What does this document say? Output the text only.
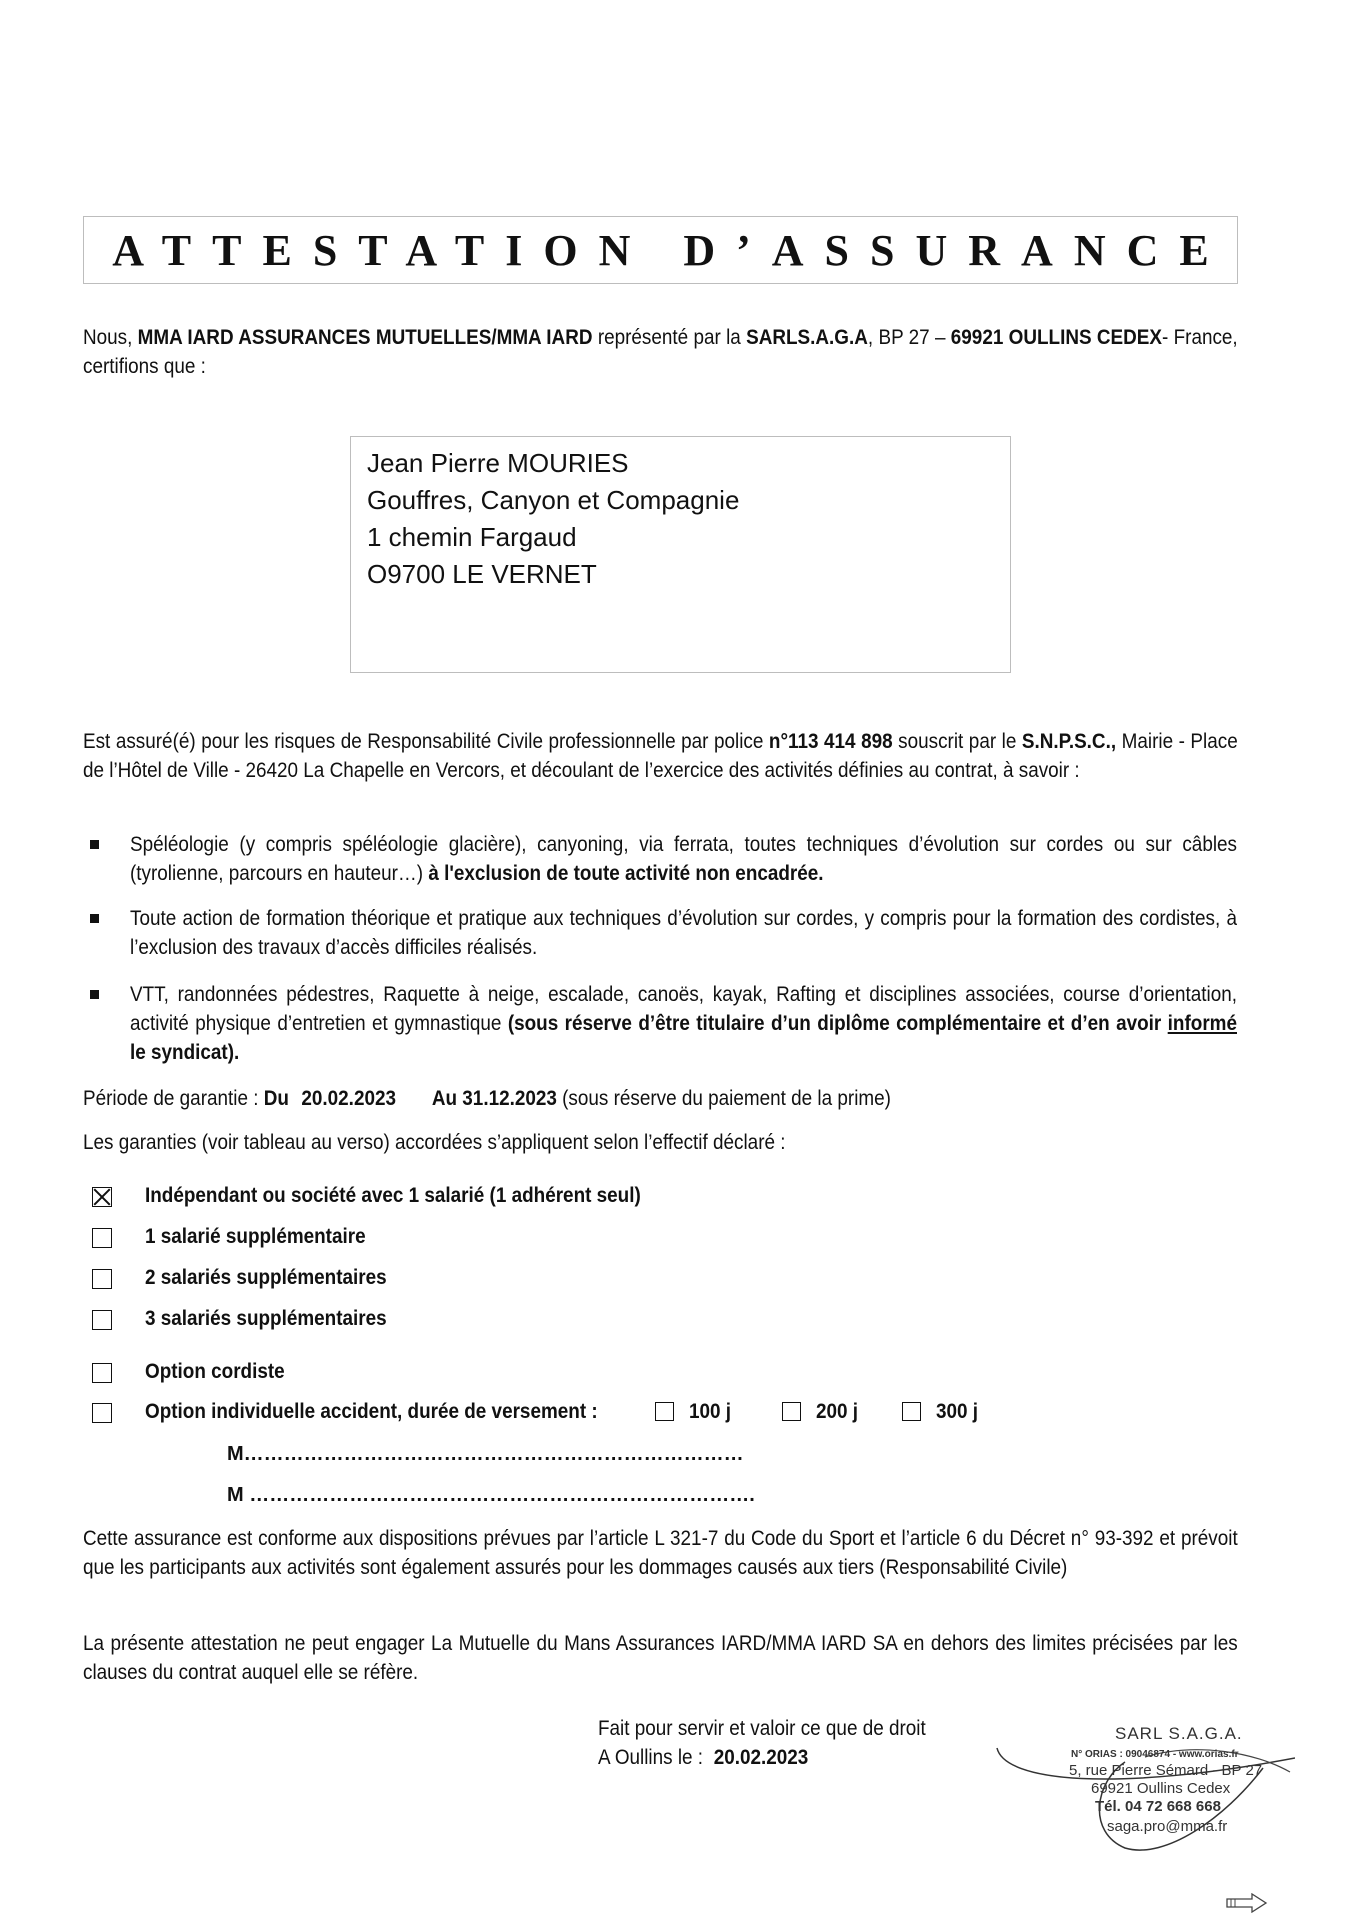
ATTESTATION D’ASSURANCE
Nous, MMA IARD ASSURANCES MUTUELLES/MMA IARD représenté par la SARLS.A.G.A, BP 27 – 69921 OULLINS CEDEX- France, certifions que :
Jean Pierre MOURIES
Gouffres, Canyon et Compagnie
1 chemin Fargaud
O9700 LE VERNET
Est assuré(é) pour les risques de Responsabilité Civile professionnelle par police n°113 414 898 souscrit par le S.N.P.S.C., Mairie - Place de l’Hôtel de Ville - 26420 La Chapelle en Vercors, et découlant de l’exercice des activités définies au contrat, à savoir :
Spéléologie (y compris spéléologie glacière), canyoning, via ferrata, toutes techniques d’évolution sur cordes ou sur câbles (tyrolienne, parcours en hauteur…) à l'exclusion de toute activité non encadrée.
Toute action de formation théorique et pratique aux techniques d’évolution sur cordes, y compris pour la formation des cordistes, à l’exclusion des travaux d’accès difficiles réalisés.
VTT, randonnées pédestres, Raquette à neige, escalade, canoës, kayak, Rafting et disciplines associées, course d’orientation, activité physique d’entretien et gymnastique (sous réserve d’être titulaire d’un diplôme complémentaire et d’en avoir informé le syndicat).
Période de garantie : Du 20.02.2023 Au 31.12.2023 (sous réserve du paiement de la prime)
Les garanties (voir tableau au verso) accordées s’appliquent selon l’effectif déclaré :
Indépendant ou société avec 1 salarié (1 adhérent seul)
1 salarié supplémentaire
2 salariés supplémentaires
3 salariés supplémentaires
Option cordiste
Option individuelle accident, durée de versement :	100 j	200 j	300 j
M…………………………………………………………………
M ………………………………………………………………….
Cette assurance est conforme aux dispositions prévues par l’article L 321-7 du Code du Sport et l’article 6 du Décret n° 93-392 et prévoit que les participants aux activités sont également assurés pour les dommages causés aux tiers (Responsabilité Civile)
La présente attestation ne peut engager La Mutuelle du Mans Assurances IARD/MMA IARD SA en dehors des limites précisées par les clauses du contrat auquel elle se réfère.
Fait pour servir et valoir ce que de droit
A Oullins le : 20.02.2023
SARL S.A.G.A.
N° ORIAS : 09046874 - www.orias.fr
5, rue Pierre Sémard - BP 27
69921 Oullins Cedex
Tél. 04 72 668 668
saga.pro@mma.fr
